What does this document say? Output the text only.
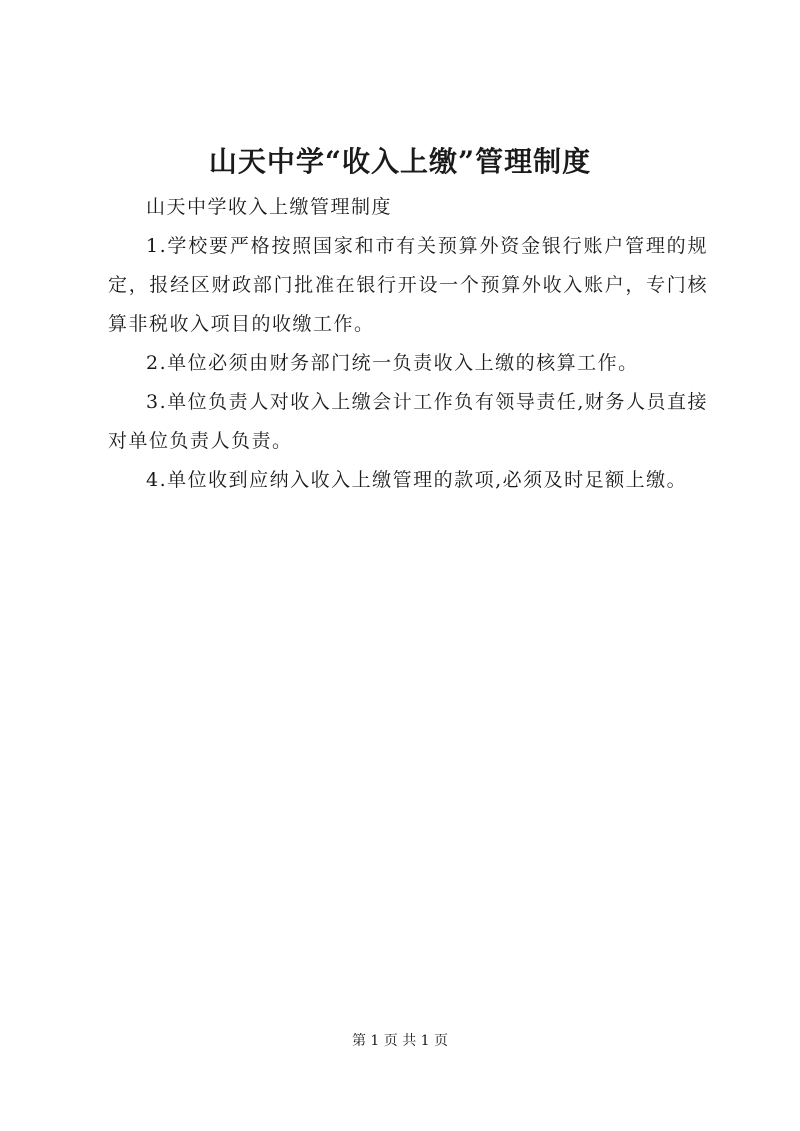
山天中学“收入上缴”管理制度

山天中学收入上缴管理制度

1.学校要严格按照国家和市有关预算外资金银行账户管理的规定，报经区财政部门批准在银行开设一个预算外收入账户，专门核算非税收入项目的收缴工作。

2.单位必须由财务部门统一负责收入上缴的核算工作。

3.单位负责人对收入上缴会计工作负有领导责任,财务人员直接对单位负责人负责。

4.单位收到应纳入收入上缴管理的款项,必须及时足额上缴。

第 1 页 共 1 页
